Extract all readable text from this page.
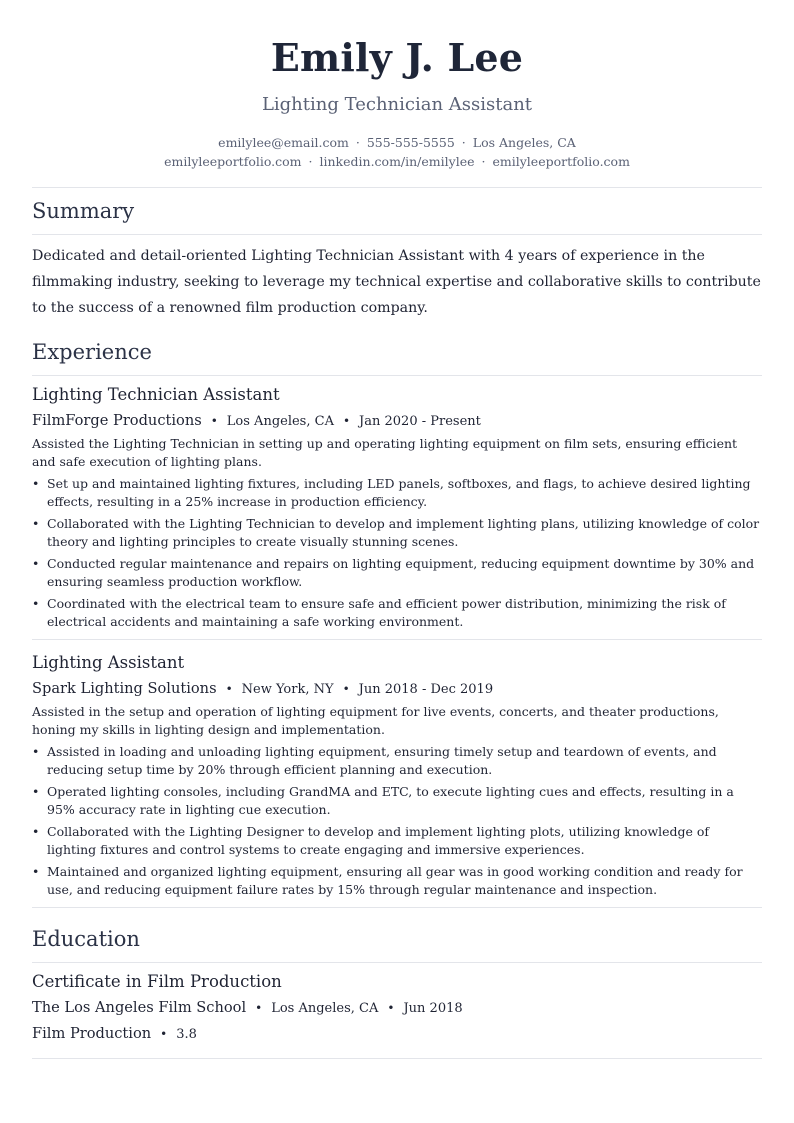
Emily J. Lee
Lighting Technician Assistant
emilylee@email.com · 555-555-5555 · Los Angeles, CA
emilyleeportfolio.com · linkedin.com/in/emilylee · emilyleeportfolio.com
Summary
Dedicated and detail-oriented Lighting Technician Assistant with 4 years of experience in the filmmaking industry, seeking to leverage my technical expertise and collaborative skills to contribute to the success of a renowned film production company.
Experience
Lighting Technician Assistant
FilmForge Productions • Los Angeles, CA • Jan 2020 - Present
Assisted the Lighting Technician in setting up and operating lighting equipment on film sets, ensuring efficient and safe execution of lighting plans.
• Set up and maintained lighting fixtures, including LED panels, softboxes, and flags, to achieve desired lighting effects, resulting in a 25% increase in production efficiency.
• Collaborated with the Lighting Technician to develop and implement lighting plans, utilizing knowledge of color theory and lighting principles to create visually stunning scenes.
• Conducted regular maintenance and repairs on lighting equipment, reducing equipment downtime by 30% and ensuring seamless production workflow.
• Coordinated with the electrical team to ensure safe and efficient power distribution, minimizing the risk of electrical accidents and maintaining a safe working environment.
Lighting Assistant
Spark Lighting Solutions • New York, NY • Jun 2018 - Dec 2019
Assisted in the setup and operation of lighting equipment for live events, concerts, and theater productions, honing my skills in lighting design and implementation.
• Assisted in loading and unloading lighting equipment, ensuring timely setup and teardown of events, and reducing setup time by 20% through efficient planning and execution.
• Operated lighting consoles, including GrandMA and ETC, to execute lighting cues and effects, resulting in a 95% accuracy rate in lighting cue execution.
• Collaborated with the Lighting Designer to develop and implement lighting plots, utilizing knowledge of lighting fixtures and control systems to create engaging and immersive experiences.
• Maintained and organized lighting equipment, ensuring all gear was in good working condition and ready for use, and reducing equipment failure rates by 15% through regular maintenance and inspection.
Education
Certificate in Film Production
The Los Angeles Film School • Los Angeles, CA • Jun 2018
Film Production • 3.8
